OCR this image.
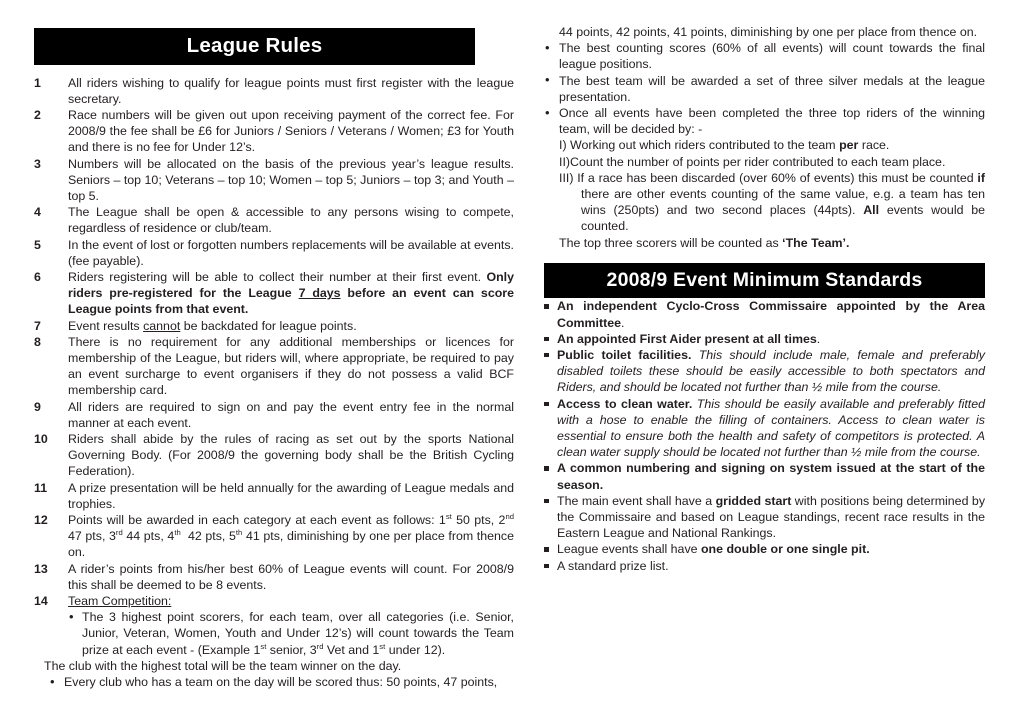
League Rules
1	All riders wishing to qualify for league points must first register with the league secretary.
2	Race numbers will be given out upon receiving payment of the correct fee. For 2008/9 the fee shall be £6 for Juniors / Seniors / Veterans / Women; £3 for Youth and there is no fee for Under 12’s.
3	Numbers will be allocated on the basis of the previous year’s league results. Seniors – top 10; Veterans – top 10; Women – top 5; Juniors – top 3; and Youth – top 5.
4	The League shall be open & accessible to any persons wising to compete, regardless of residence or club/team.
5	In the event of lost or forgotten numbers replacements will be available at events. (fee payable).
6	Riders registering will be able to collect their number at their first event. Only riders pre-registered for the League 7 days before an event can score League points from that event.
7	Event results cannot be backdated for league points.
8	There is no requirement for any additional memberships or licences for membership of the League, but riders will, where appropriate, be required to pay an event surcharge to event organisers if they do not possess a valid BCF membership card.
9	All riders are required to sign on and pay the event entry fee in the normal manner at each event.
10	Riders shall abide by the rules of racing as set out by the sports National Governing Body. (For 2008/9 the governing body shall be the British Cycling Federation).
11	A prize presentation will be held annually for the awarding of League medals and trophies.
12	Points will be awarded in each category at each event as follows: 1st 50 pts, 2nd 47 pts, 3rd 44 pts, 4th  42 pts, 5th 41 pts, diminishing by one per place from thence on.
13	A rider’s points from his/her best 60% of League events will count. For 2008/9 this shall be deemed to be 8 events.
14	Team Competition:
• The 3 highest point scorers, for each team, over all categories (i.e. Senior, Junior, Veteran, Women, Youth and Under 12’s) will count towards the Team prize at each event - (Example 1st senior, 3rd Vet and 1st under 12).
The club with the highest total will be the team winner on the day.
• Every club who has a team on the day will be scored thus: 50 points, 47 points,
44 points, 42 points, 41 points, diminishing by one per place from thence on.
• The best counting scores (60% of all events) will count towards the final league positions.
• The best team will be awarded a set of three silver medals at the league presentation.
• Once all events have been completed the three top riders of the winning team, will be decided by: -
I) Working out which riders contributed to the team per race.
II)Count the number of points per rider contributed to each team place.
III) If a race has been discarded (over 60% of events) this must be counted if there are other events counting of the same value, e.g. a team has ten wins (250pts) and two second places (44pts). All events would be counted.
The top three scorers will be counted as ‘The Team’.
2008/9 Event Minimum Standards
An independent Cyclo-Cross Commissaire appointed by the Area Committee.
An appointed First Aider present at all times.
Public toilet facilities. This should include male, female and preferably disabled toilets these should be easily accessible to both spectators and Riders, and should be located not further than ½ mile from the course.
Access to clean water. This should be easily available and preferably fitted with a hose to enable the filling of containers. Access to clean water is essential to ensure both the health and safety of competitors is protected. A clean water supply should be located not further than ½ mile from the course.
A common numbering and signing on system issued at the start of the season.
The main event shall have a gridded start with positions being determined by the Commissaire and based on League standings, recent race results in the Eastern League and National Rankings.
League events shall have one double or one single pit.
A standard prize list.
